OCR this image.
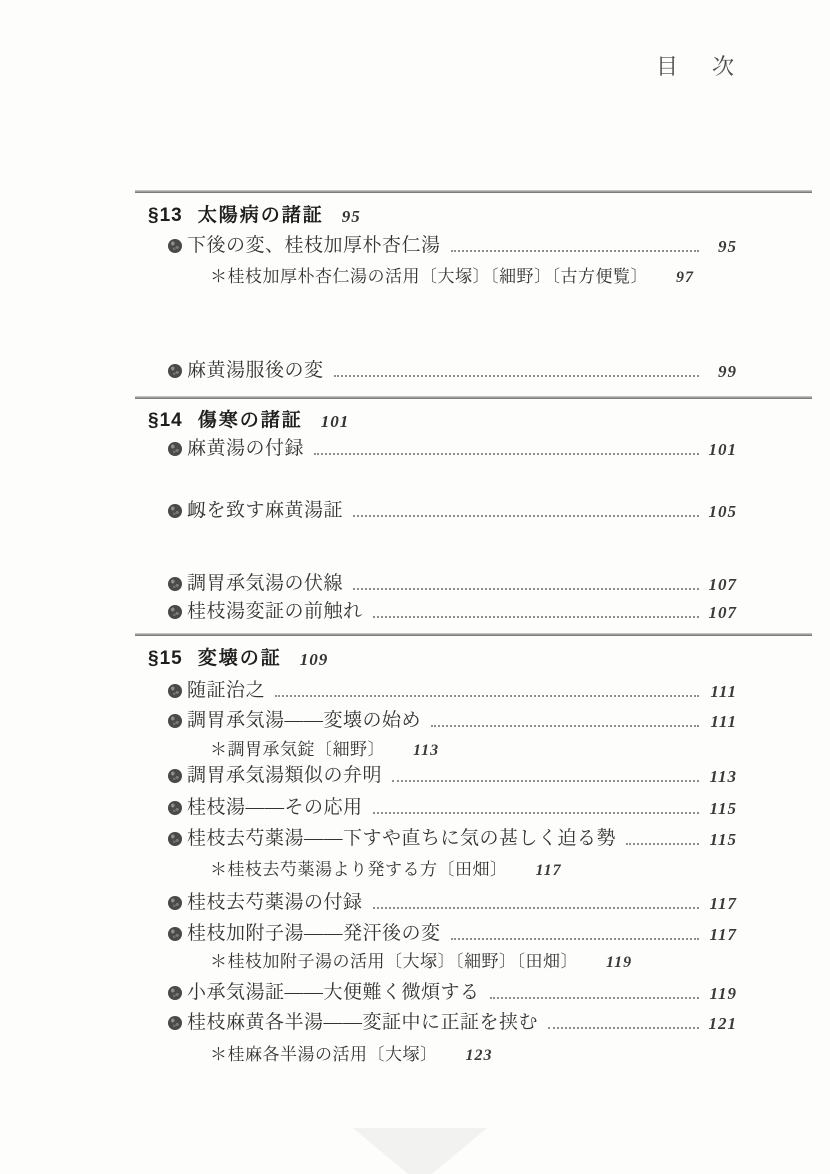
目　次
§13 太陽病の諸証 95
下後の変、桂枝加厚朴杏仁湯	95
＊桂枝加厚朴杏仁湯の活用〔大塚〕〔細野〕〔古方便覧〕 97
麻黄湯服後の変	99
§14 傷寒の諸証 101
麻黄湯の付録	101
衂を致す麻黄湯証	105
調胃承気湯の伏線	107
桂枝湯変証の前触れ	107
§15 変壊の証 109
随証治之	111
調胃承気湯——変壊の始め	111
＊調胃承気錠〔細野〕 113
調胃承気湯類似の弁明	113
桂枝湯——その応用	115
桂枝去芍薬湯——下すや直ちに気の甚しく迫る勢	115
＊桂枝去芍薬湯より発する方〔田畑〕 117
桂枝去芍薬湯の付録	117
桂枝加附子湯——発汗後の変	117
＊桂枝加附子湯の活用〔大塚〕〔細野〕〔田畑〕 119
小承気湯証——大便難く微煩する	119
桂枝麻黄各半湯——変証中に正証を挟む	121
＊桂麻各半湯の活用〔大塚〕 123
